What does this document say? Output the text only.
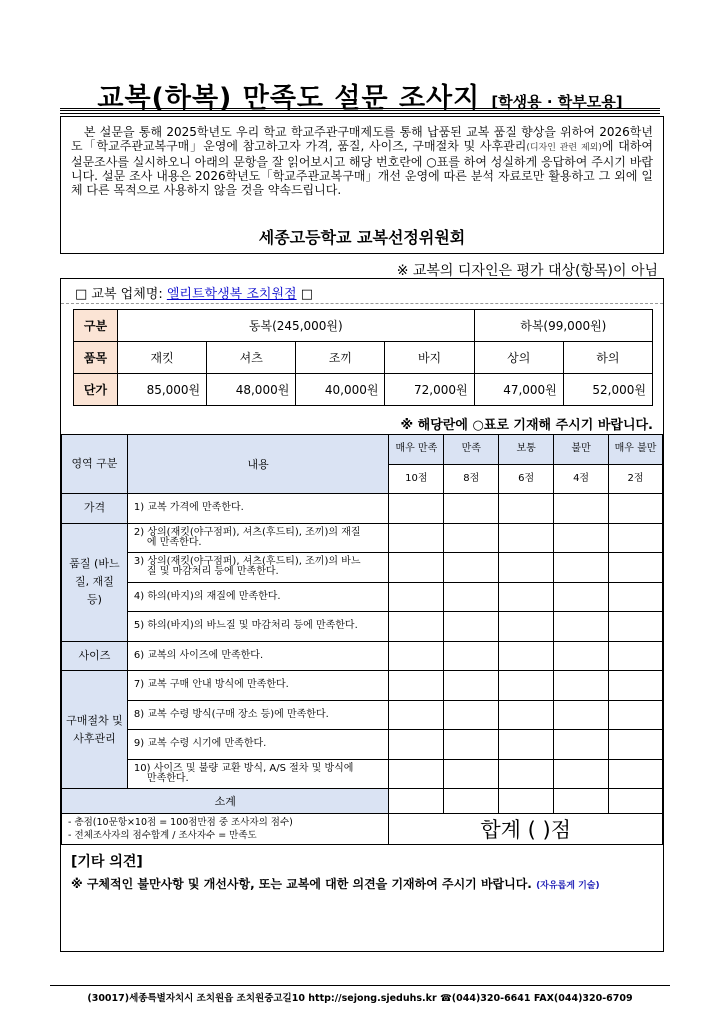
교복(하복) 만족도 설문 조사지 [학생용 · 학부모용]
본 설문을 통해 2025학년도 우리 학교 학교주관구매제도를 통해 납품된 교복 품질 향상을 위하여 2026학년도「학교주관교복구매」운영에 참고하고자 가격, 품질, 사이즈, 구매절차 및 사후관리(디자인 관련 제외)에 대하여 설문조사를 실시하오니 아래의 문항을 잘 읽어보시고 해당 번호란에 ○표를 하여 성실하게 응답하여 주시기 바랍니다. 설문 조사 내용은 2026학년도「학교주관교복구매」개선 운영에 따른 분석 자료로만 활용하고 그 외에 일체 다른 목적으로 사용하지 않을 것을 약속드립니다.
세종고등학교 교복선정위원회
※ 교복의 디자인은 평가 대상(항목)이 아님
□ 교복 업체명: 엘리트학생복 조치원점 □
구분	동복(245,000원)				하복(99,000원)	
품목	재킷	셔츠	조끼	바지	상의	하의
단가	85,000원	48,000원	40,000원	72,000원	47,000원	52,000원
※ 해당란에 ○표로 기재해 주시기 바랍니다.
영역 구분	내용	매우 만족	만족	보통	불만	매우 불만
		10점	8점	6점	4점	2점
가격	1) 교복 가격에 만족한다.					
품질 (바느질, 재질 등)	2) 상의(재킷(야구점퍼), 셔츠(후드티), 조끼)의 재질
에 만족한다.					

	3) 상의(재킷(야구점퍼), 셔츠(후드티), 조끼)의 바느
질 및 마감처리 등에 만족한다.					

	4) 하의(바지)의 재질에 만족한다.					
	5) 하의(바지)의 바느질 및 마감처리 등에 만족한다.					
사이즈	6) 교복의 사이즈에 만족한다.					
구매절차 및 사후관리	7) 교복 구매 안내 방식에 만족한다.					
	8) 교복 수령 방식(구매 장소 등)에 만족한다.					
	9) 교복 수령 시기에 만족한다.					
	10) 사이즈 및 불량 교환 방식, A/S 절차 및 방식에
만족한다.					

소계						

- 총점(10문항×10점 = 100점만점 중 조사자의 점수)
- 전체조사자의 점수합계 / 조사자수 = 만족도		합계 ( )점				
[기타 의견]
※ 구체적인 불만사항 및 개선사항, 또는 교복에 대한 의견을 기재하여 주시기 바랍니다. (자유롭게 기술)
(30017)세종특별자치시 조치원읍 조치원중고길10 http://sejong.sjeduhs.kr ☎(044)320-6641 FAX(044)320-6709
